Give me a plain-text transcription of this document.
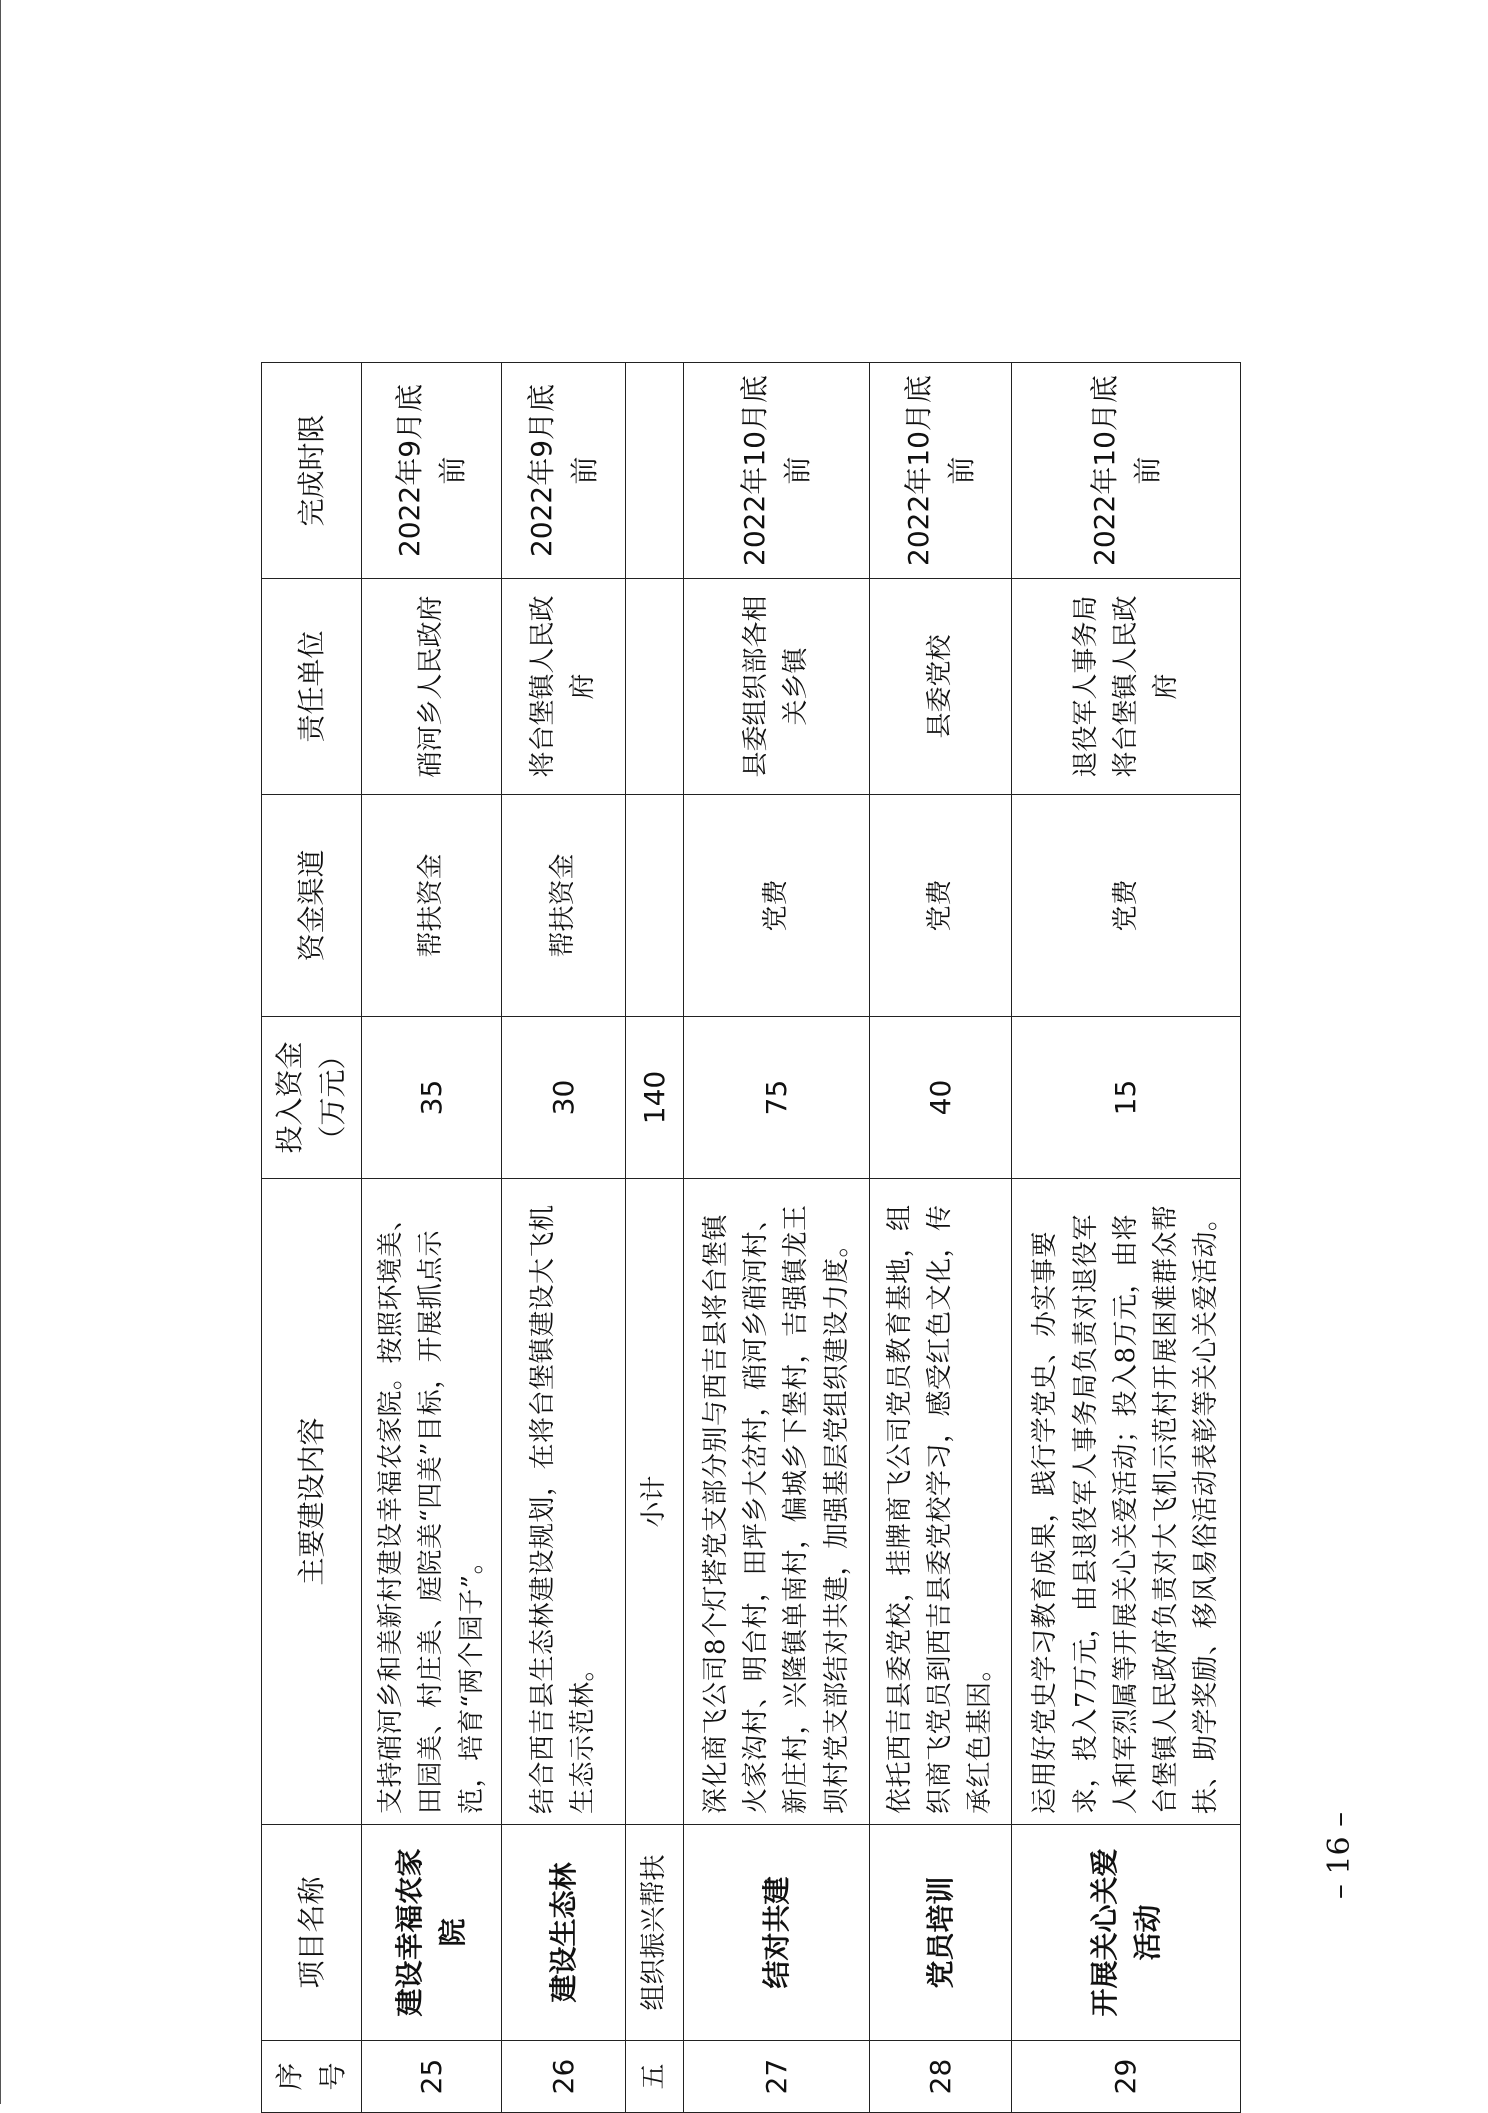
序号	项目名称	主要建设内容	投入资金（万元）	资金渠道	责任单位	完成时限
25	建设幸福农家院	支持硝河乡和美新村建设幸福农家院。按照环境美、田园美、村庄美、庭院美“四美”目标，开展抓点示范，培育“两个园子”。	35	帮扶资金	硝河乡人民政府	2022年9月底前
26	建设生态林	结合西吉县生态林建设规划，在将台堡镇建设大飞机生态示范林。	30	帮扶资金	将台堡镇人民政府	2022年9月底前
五	组织振兴帮扶	小计	140			
27	结对共建	深化商飞公司8个灯塔党支部分别与西吉县将台堡镇火家沟村、明台村，田坪乡大岔村，硝河乡硝河村、新庄村，兴隆镇单南村，偏城乡下堡村，吉强镇龙王坝村党支部结对共建，加强基层党组织建设力度。	75	党费	县委组织部各相关乡镇	2022年10月底前
28	党员培训	依托西吉县委党校，挂牌商飞公司党员教育基地，组织商飞党员到西吉县委党校学习，感受红色文化，传承红色基因。	40	党费	县委党校	2022年10月底前
29	开展关心关爱活动	运用好党史学习教育成果，践行学党史、办实事要求，投入7万元，由县退役军人事务局负责对退役军人和军烈属等开展关心关爱活动；投入8万元，由将台堡镇人民政府负责对大飞机示范村开展困难群众帮扶、助学奖励、移风易俗活动表彰等关心关爱活动。	15	党费	退役军人事务局将台堡镇人民政府	2022年10月底前
– 16 –
